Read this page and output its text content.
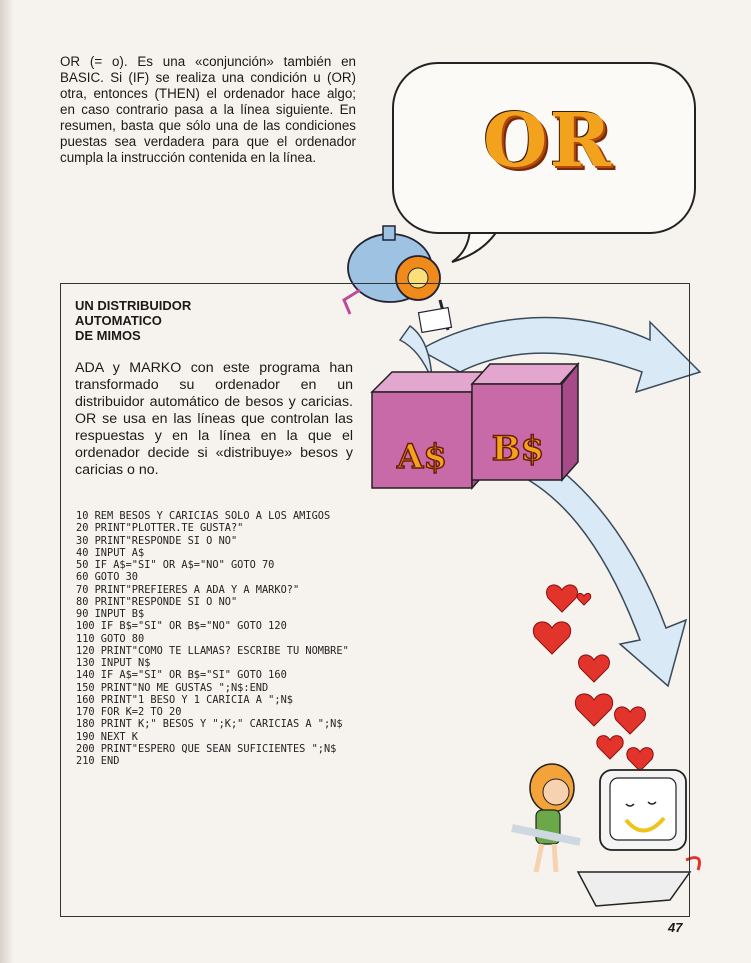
OR (= o). Es una «conjunción» también en BASIC. Si (IF) se realiza una condición u (OR) otra, entonces (THEN) el ordenador hace algo; en caso contrario pasa a la línea siguiente. En resumen, basta que sólo una de las condiciones puestas sea verdadera para que el ordenador cumpla la instrucción contenida en la línea.

A$ B$
OR
UN DISTRIBUIDOR
AUTOMATICO
DE MIMOS

ADA y MARKO con este programa han transformado su ordenador en un distribuidor automático de besos y caricias. OR se usa en las líneas que controlan las respuestas y en la línea en la que el ordenador decide si «distribuye» besos y caricias o no.

10 REM BESOS Y CARICIAS SOLO A LOS AMIGOS
20 PRINT"PLOTTER.TE GUSTA?"
30 PRINT"RESPONDE SI O NO"
40 INPUT A$
50 IF A$="SI" OR A$="NO" GOTO 70
60 GOTO 30
70 PRINT"PREFIERES A ADA Y A MARKO?"
80 PRINT"RESPONDE SI O NO"
90 INPUT B$
100 IF B$="SI" OR B$="NO" GOTO 120
110 GOTO 80
120 PRINT"COMO TE LLAMAS? ESCRIBE TU NOMBRE"
130 INPUT N$
140 IF A$="SI" OR B$="SI" GOTO 160
150 PRINT"NO ME GUSTAS ";N$:END
160 PRINT"1 BESO Y 1 CARICIA A ";N$
170 FOR K=2 TO 20
180 PRINT K;" BESOS Y ";K;" CARICIAS A ";N$
190 NEXT K
200 PRINT"ESPERO QUE SEAN SUFICIENTES ";N$
210 END
47
